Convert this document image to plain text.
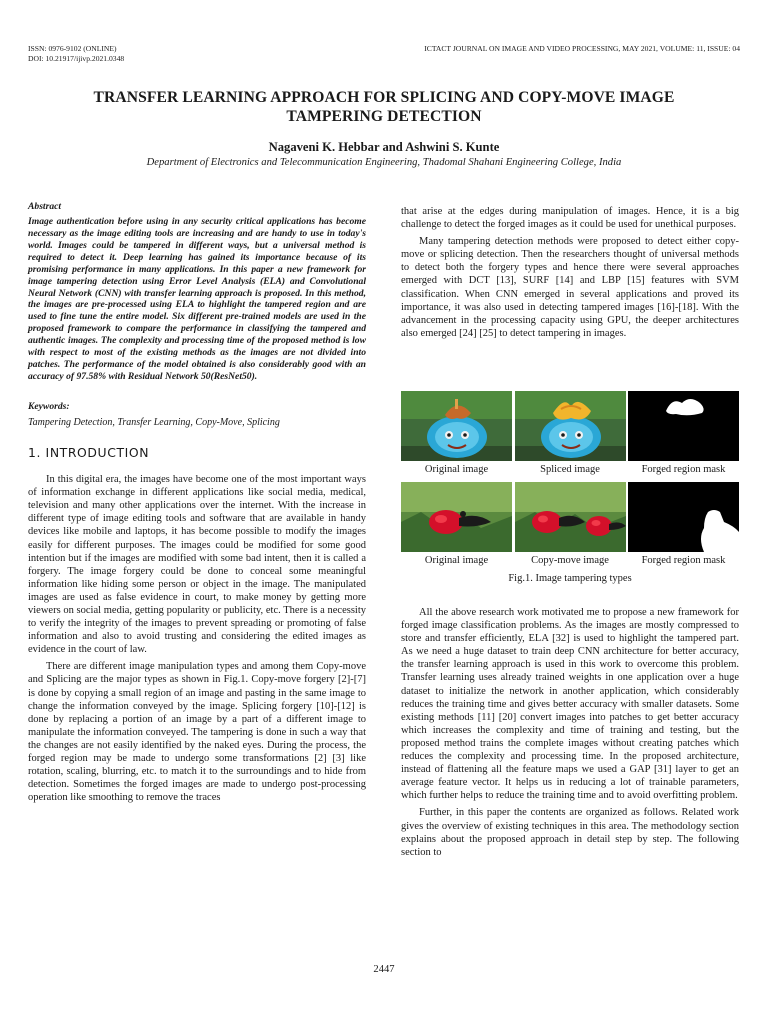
ISSN: 0976-9102 (ONLINE)
DOI: 10.21917/ijivp.2021.0348
ICTACT JOURNAL ON IMAGE AND VIDEO PROCESSING, MAY 2021, VOLUME: 11, ISSUE: 04
TRANSFER LEARNING APPROACH FOR SPLICING AND COPY-MOVE IMAGE
TAMPERING DETECTION
Nagaveni K. Hebbar and Ashwini S. Kunte
Department of Electronics and Telecommunication Engineering, Thadomal Shahani Engineering College, India
Abstract

Image authentication before using in any security critical applications has become necessary as the image editing tools are increasing and are handy to use in today's world. Images could be tampered in different ways, but a universal method is required to detect it. Deep learning has gained its importance because of its promising performance in many applications. In this paper a new framework for image tampering detection using Error Level Analysis (ELA) and Convolutional Neural Network (CNN) with transfer learning approach is proposed. In this method, the images are pre-processed using ELA to highlight the tampered region and are used to fine tune the entire model. Six different pre-trained models are used in the proposed framework to compare the performance in classifying the tampered and authentic images. The complexity and processing time of the proposed method is low with respect to most of the existing methods as the images are not divided into patches. The performance of the model obtained is also considerably good with an accuracy of 97.58% with Residual Network 50(ResNet50).

Keywords:

Tampering Detection, Transfer Learning, Copy-Move, Splicing

1. INTRODUCTION

In this digital era, the images have become one of the most important ways of information exchange in different applications like social media, medical, television and many other applications over the internet. With the increase in different type of image editing tools and software that are available in handy devices like mobile and laptops, it has become possible to modify the images easily for different purposes. The images could be modified for some good intention but if the images are modified with some bad intent, then it is called a forgery. The image forgery could be done to conceal some meaningful information like hiding some person or object in the image. The manipulated images are used as false evidence in court, to make money by getting more viewers on social media, getting popularity or publicity, etc. There is a necessity to verify the integrity of the images to prevent spreading or promoting of false information and also to avoid trusting and considering the edited images as evidence in the court of law.

There are different image manipulation types and among them Copy-move and Splicing are the major types as shown in Fig.1. Copy-move forgery [2]-[7] is done by copying a small region of an image and pasting in the same image to change the information conveyed by the image. Splicing forgery [10]-[12] is done by replacing a portion of an image by a part of a different image to manipulate the information conveyed. The tampering is done in such a way that the changes are not easily identified by the naked eyes. During the process, the forged region may be made to undergo some transformations [2] [3] like rotation, scaling, blurring, etc. to match it to the surroundings and to hide from detection. Sometimes the forged images are made to undergo post-processing operation like smoothing to remove the traces

that arise at the edges during manipulation of images. Hence, it is a big challenge to detect the forged images as it could be used for unethical purposes.

Many tampering detection methods were proposed to detect either copy-move or splicing detection. Then the researchers thought of universal methods to detect both the forgery types and hence there were several approaches emerged with DCT [13], SURF [14] and LBP [15] features with SVM classification. When CNN emerged in several applications and proved its importance, it was also used in detecting tampered images [16]-[18]. With the advancement in the processing capacity using GPU, the deeper architectures also emerged [24] [25] to detect tampering in images.

Original image	Spliced image	Forged region mask
Original image	Copy-move image	Forged region mask
Fig.1. Image tampering types

All the above research work motivated me to propose a new framework for forged image classification problems. As the images are mostly compressed to store and transfer efficiently, ELA [32] is used to highlight the tampered part. As we need a huge dataset to train deep CNN architecture for better accuracy, the transfer learning approach is used in this work to overcome this problem. Transfer learning uses already trained weights in one application over a huge dataset to initialize the network in another application, which considerably reduces the training time and gives better accuracy with smaller datasets. Some existing methods [11] [20] convert images into patches to get better accuracy which increases the complexity and time of training and testing, but the proposed method trains the complete images without creating patches which reduces the complexity and processing time. In the proposed architecture, instead of flattening all the feature maps we used a GAP [31] layer to get an average feature vector. It helps us in reducing a lot of trainable parameters, which further helps to reduce the training time and to avoid overfitting problem.

Further, in this paper the contents are organized as follows. Related work gives the overview of existing techniques in this area. The methodology section explains about the proposed approach in detail step by step. The following section to

2447
